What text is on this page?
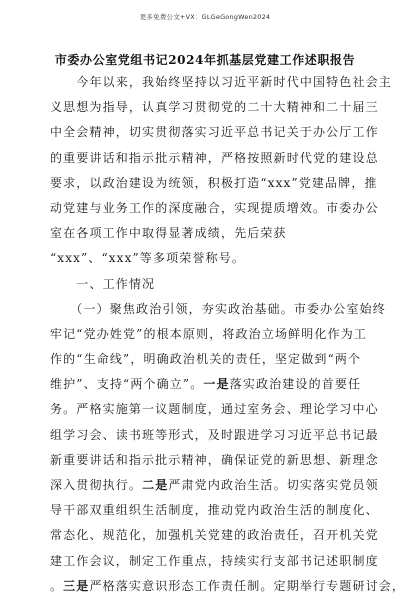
更多免费公文+VX：GLGeGongWen2024
市委办公室党组书记2024年抓基层党建工作述职报告
　　今年以来，我始终坚持以习近平新时代中国特色社会主
义思想为指导，认真学习贯彻党的二十大精神和二十届三
中全会精神，切实贯彻落实习近平总书记关于办公厅工作
的重要讲话和指示批示精神，严格按照新时代党的建设总
要求，以政治建设为统领，积极打造“xxx”党建品牌，推
动党建与业务工作的深度融合，实现提质增效。市委办公
室在各项工作中取得显著成绩，先后荣获
“xxx”、“xxx”等多项荣誉称号。
　　一、工作情况
　　（一）聚焦政治引领，夯实政治基础。市委办公室始终
牢记“党办姓党”的根本原则，将政治立场鲜明化作为工
作的“生命线”，明确政治机关的责任，坚定做到“两个
维护”、支持“两个确立”。一是落实政治建设的首要任
务。严格实施第一议题制度，通过室务会、理论学习中心
组学习会、读书班等形式，及时跟进学习习近平总书记最
新重要讲话和指示批示精神，确保证党的新思想、新理念
深入贯彻执行。二是严肃党内政治生活。切实落实党员领
导干部双重组织生活制度，推动党内政治生活的制度化、
常态化、规范化，加强机关党建的政治责任，召开机关党
建工作会议，制定工作重点，持续实行支部书记述职制度
。三是严格落实意识形态工作责任制。定期举行专题研讨会，
